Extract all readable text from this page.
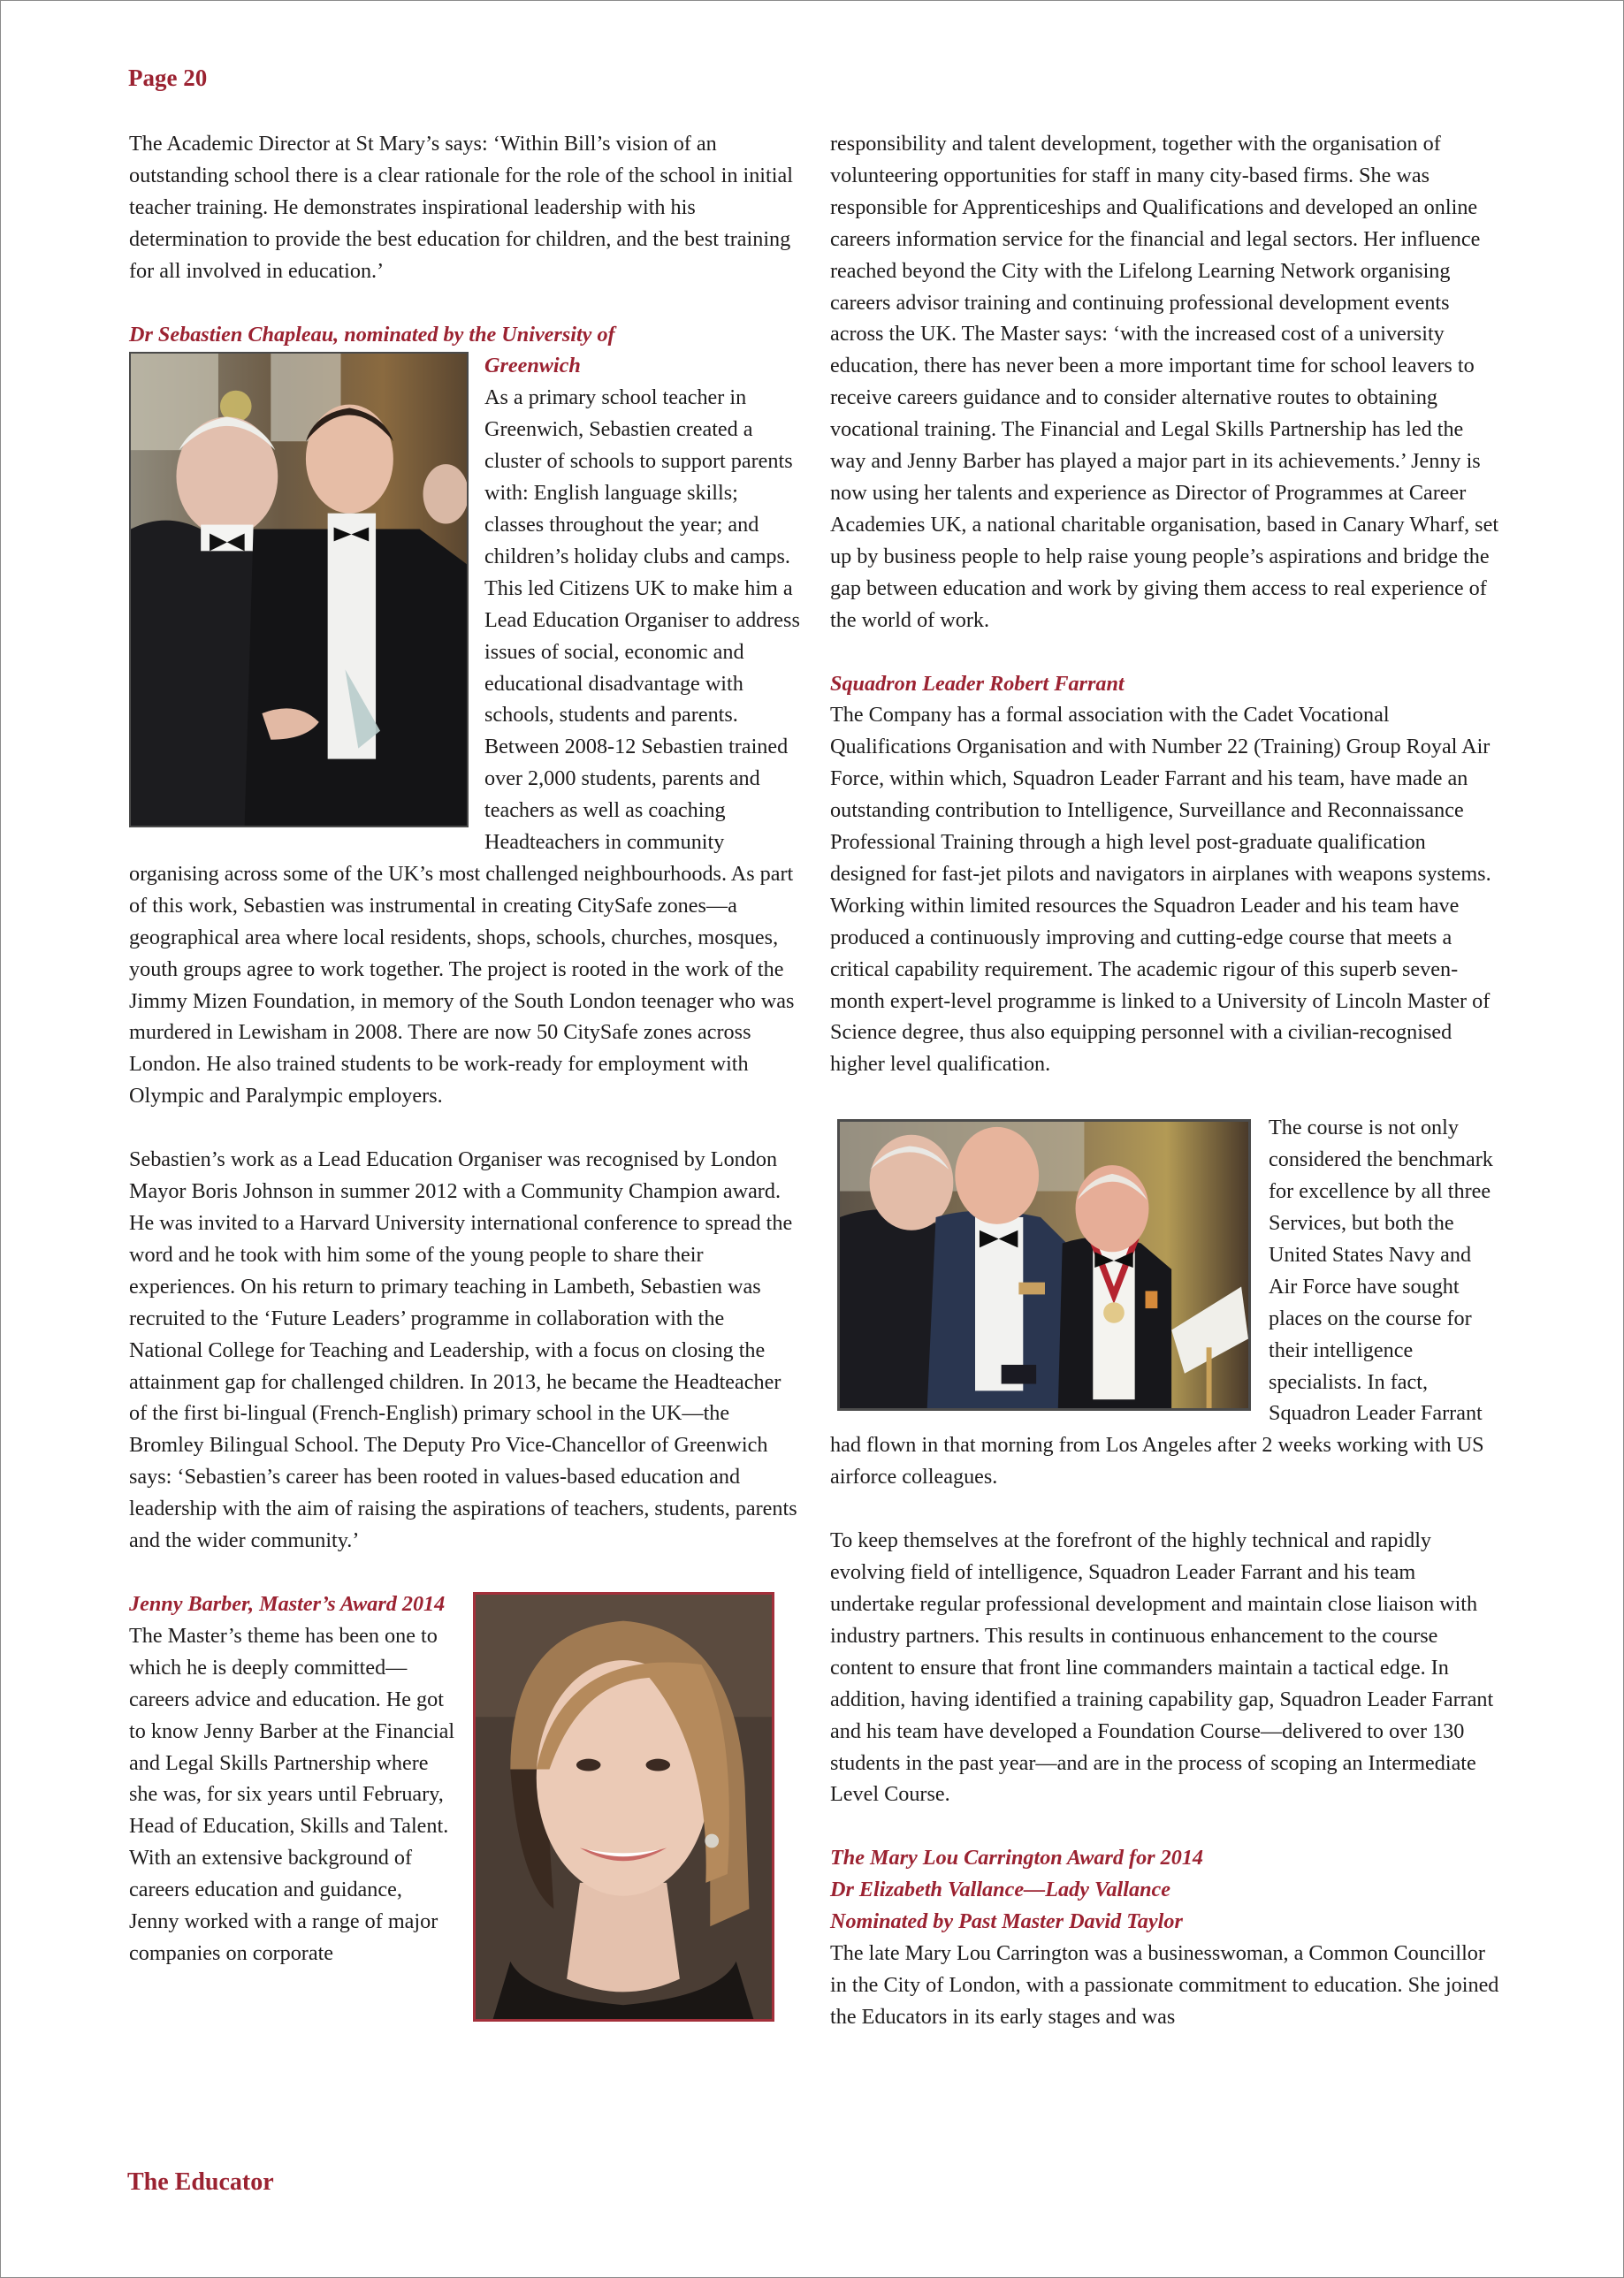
Page 20

The Academic Director at St Mary’s says: ‘Within Bill’s vision of an outstanding school there is a clear rationale for the role of the school in initial teacher training. He demonstrates inspirational leadership with his determination to provide the best education for children, and the best training for all involved in education.’

Dr Sebastien Chapleau, nominated by the University of

Greenwich

As a primary school teacher in Greenwich, Sebastien created a cluster of schools to support parents with: English language skills; classes throughout the year; and children’s holiday clubs and camps. This led Citizens UK to make him a Lead Education Organiser to address issues of social, economic and educational disadvantage with schools, students and parents. Between 2008-12 Sebastien trained over 2,000 students, parents and teachers as well as coaching Headteachers in community organising across some of the UK’s most challenged neighbourhoods. As part of this work, Sebastien was instrumental in creating CitySafe zones—a geographical area where local residents, shops, schools, churches, mosques, youth groups agree to work together. The project is rooted in the work of the Jimmy Mizen Foundation, in memory of the South London teenager who was murdered in Lewisham in 2008. There are now 50 CitySafe zones across London. He also trained students to be work-ready for employment with Olympic and Paralympic employers.

Sebastien’s work as a Lead Education Organiser was recognised by London Mayor Boris Johnson in summer 2012 with a Community Champion award. He was invited to a Harvard University international conference to spread the word and he took with him some of the young people to share their experiences. On his return to primary teaching in Lambeth, Sebastien was recruited to the ‘Future Leaders’ programme in collaboration with the National College for Teaching and Leadership, with a focus on closing the attainment gap for challenged children. In 2013, he became the Headteacher of the first bi-lingual (French-English) primary school in the UK—the Bromley Bilingual School. The Deputy Pro Vice-Chancellor of Greenwich says: ‘Sebastien’s career has been rooted in values-based education and leadership with the aim of raising the aspirations of teachers, students, parents and the wider community.’

Jenny Barber, Master’s Award 2014

The Master’s theme has been one to which he is deeply committed—careers advice and education. He got to know Jenny Barber at the Financial and Legal Skills Partnership where she was, for six years until February, Head of Education, Skills and Talent. With an extensive background of careers education and guidance, Jenny worked with a range of major companies on corporate

responsibility and talent development, together with the organisation of volunteering opportunities for staff in many city-based firms. She was responsible for Apprenticeships and Qualifications and developed an online careers information service for the financial and legal sectors. Her influence reached beyond the City with the Lifelong Learning Network organising careers advisor training and continuing professional development events across the UK. The Master says: ‘with the increased cost of a university education, there has never been a more important time for school leavers to receive careers guidance and to consider alternative routes to obtaining vocational training. The Financial and Legal Skills Partnership has led the way and Jenny Barber has played a major part in its achievements.’ Jenny is now using her talents and experience as Director of Programmes at Career Academies UK, a national charitable organisation, based in Canary Wharf, set up by business people to help raise young people’s aspirations and bridge the gap between education and work by giving them access to real experience of the world of work.

Squadron Leader Robert Farrant

The Company has a formal association with the Cadet Vocational Qualifications Organisation and with Number 22 (Training) Group Royal Air Force, within which, Squadron Leader Farrant and his team, have made an outstanding contribution to Intelligence, Surveillance and Reconnaissance Professional Training through a high level post-graduate qualification designed for fast-jet pilots and navigators in airplanes with weapons systems. Working within limited resources the Squadron Leader and his team have produced a continuously improving and cutting-edge course that meets a critical capability requirement. The academic rigour of this superb seven-month expert-level programme is linked to a University of Lincoln Master of Science degree, thus also equipping personnel with a civilian-recognised higher level qualification.

The course is not only considered the benchmark for excellence by all three Services, but both the United States Navy and Air Force have sought places on the course for their intelligence specialists. In fact, Squadron Leader Farrant had flown in that morning from Los Angeles after 2 weeks working with US airforce colleagues.

To keep themselves at the forefront of the highly technical and rapidly evolving field of intelligence, Squadron Leader Farrant and his team undertake regular professional development and maintain close liaison with industry partners. This results in continuous enhancement to the course content to ensure that front line commanders maintain a tactical edge. In addition, having identified a training capability gap, Squadron Leader Farrant and his team have developed a Foundation Course—delivered to over 130 students in the past year—and are in the process of scoping an Intermediate Level Course.

The Mary Lou Carrington Award for 2014

Dr Elizabeth Vallance—Lady Vallance

Nominated by Past Master David Taylor

The late Mary Lou Carrington was a businesswoman, a Common Councillor in the City of London, with a passionate commitment to education. She joined the Educators in its early stages and was

The Educator
